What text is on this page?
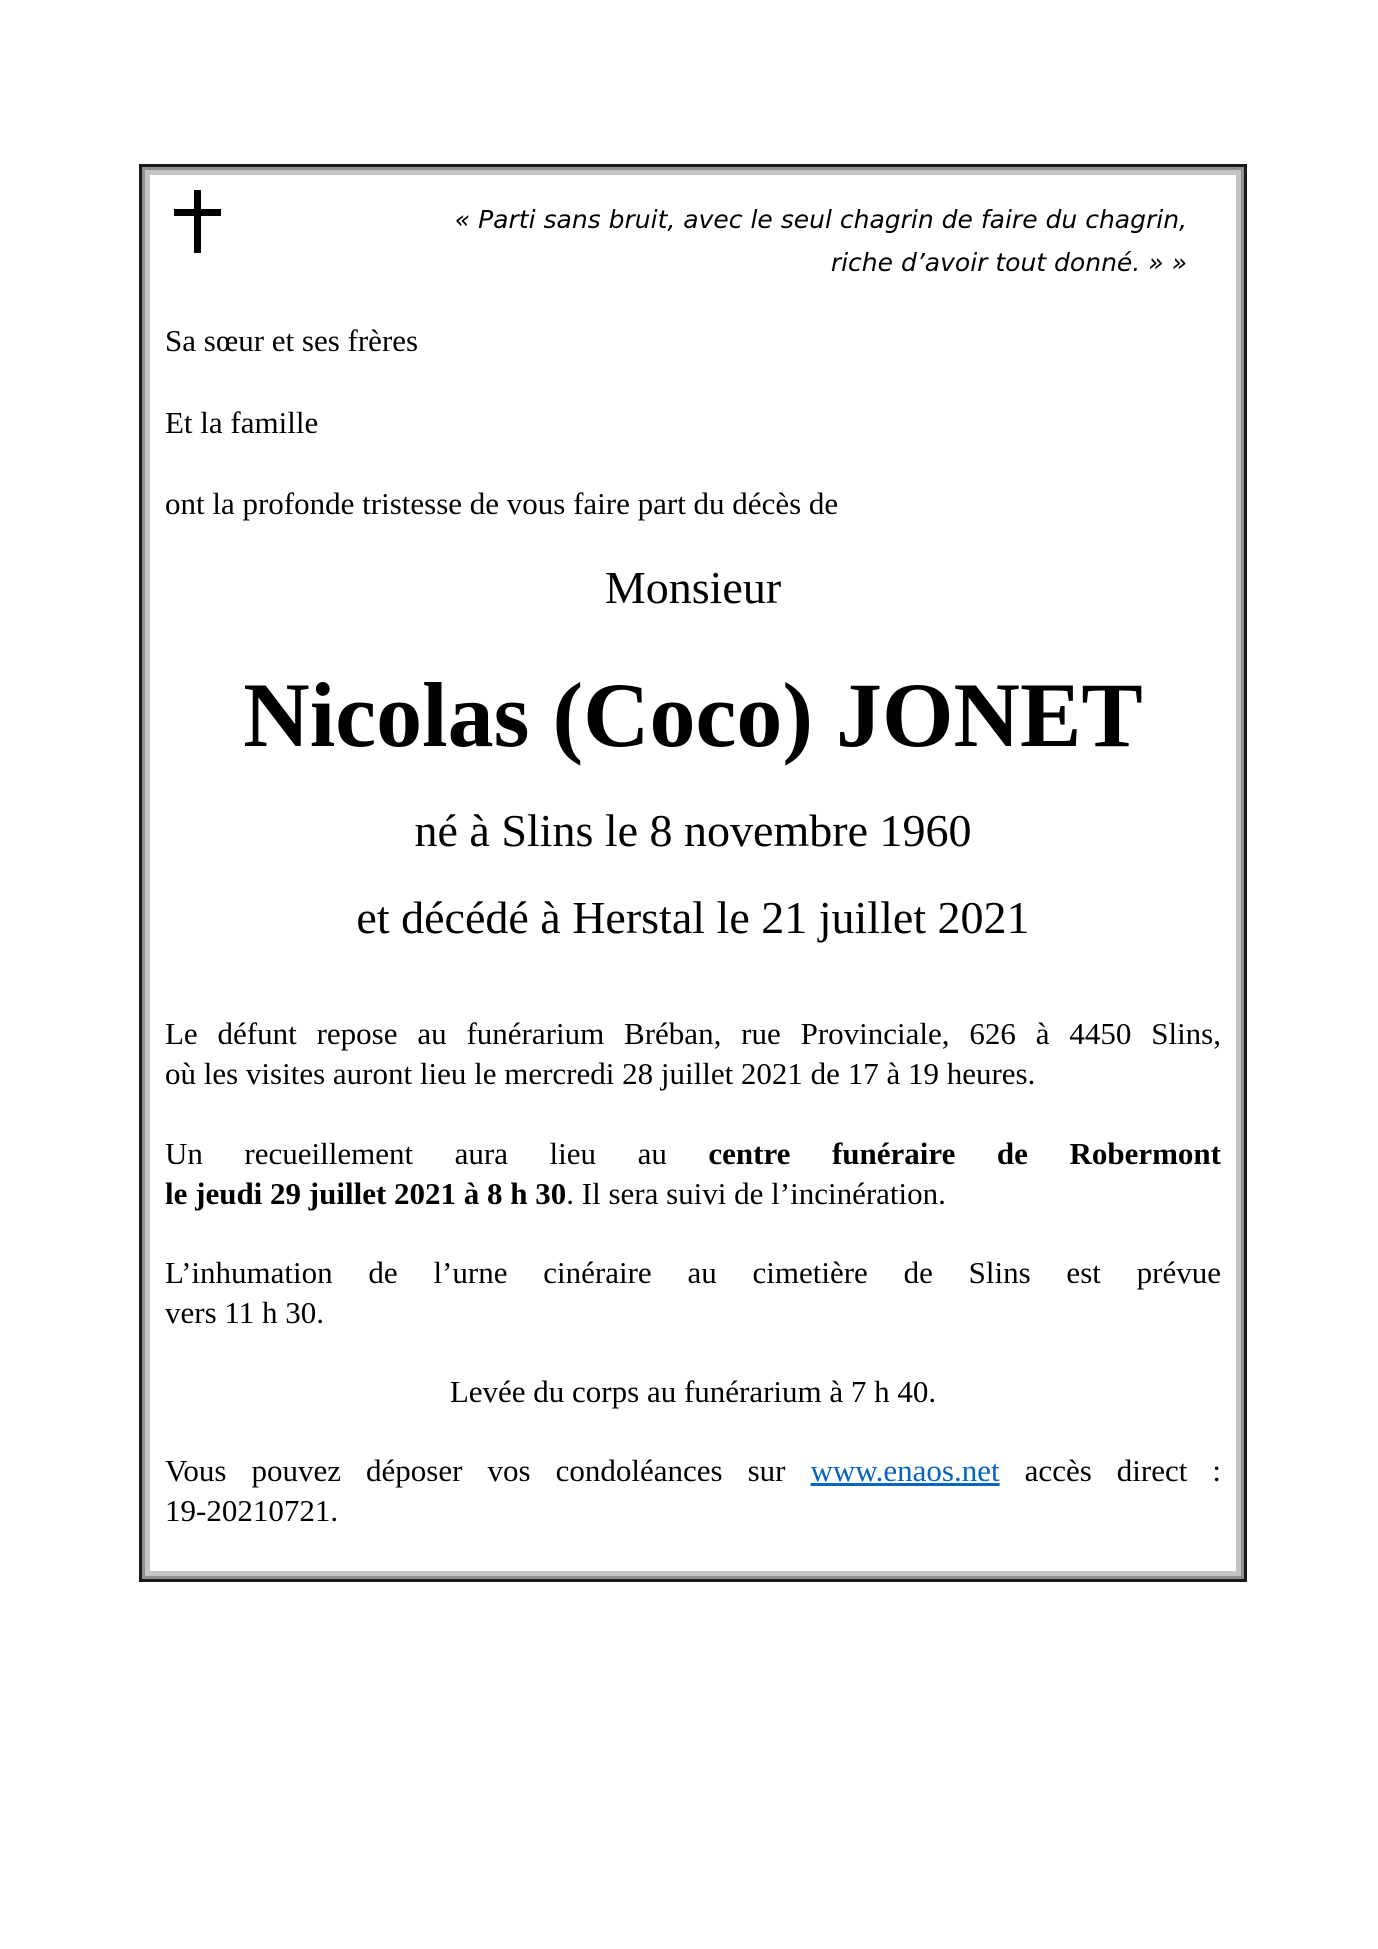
« Parti sans bruit, avec le seul chagrin de faire du chagrin,
riche d’avoir tout donné. » »
Sa sœur et ses frères
Et la famille
ont la profonde tristesse de vous faire part du décès de
Monsieur
Nicolas (Coco) JONET
né à Slins le 8 novembre 1960
et décédé à Herstal le 21 juillet 2021
Le défunt repose au funérarium Bréban, rue Provinciale, 626 à 4450 Slins,
où les visites auront lieu le mercredi 28 juillet 2021 de 17 à 19 heures.
Un recueillement aura lieu au centre funéraire de Robermont
le jeudi 29 juillet 2021 à 8 h 30. Il sera suivi de l’incinération.
L’inhumation de l’urne cinéraire au cimetière de Slins est prévue
vers 11 h 30.
Levée du corps au funérarium à 7 h 40.
Vous pouvez déposer vos condoléances sur www.enaos.net accès direct :
19-20210721.
